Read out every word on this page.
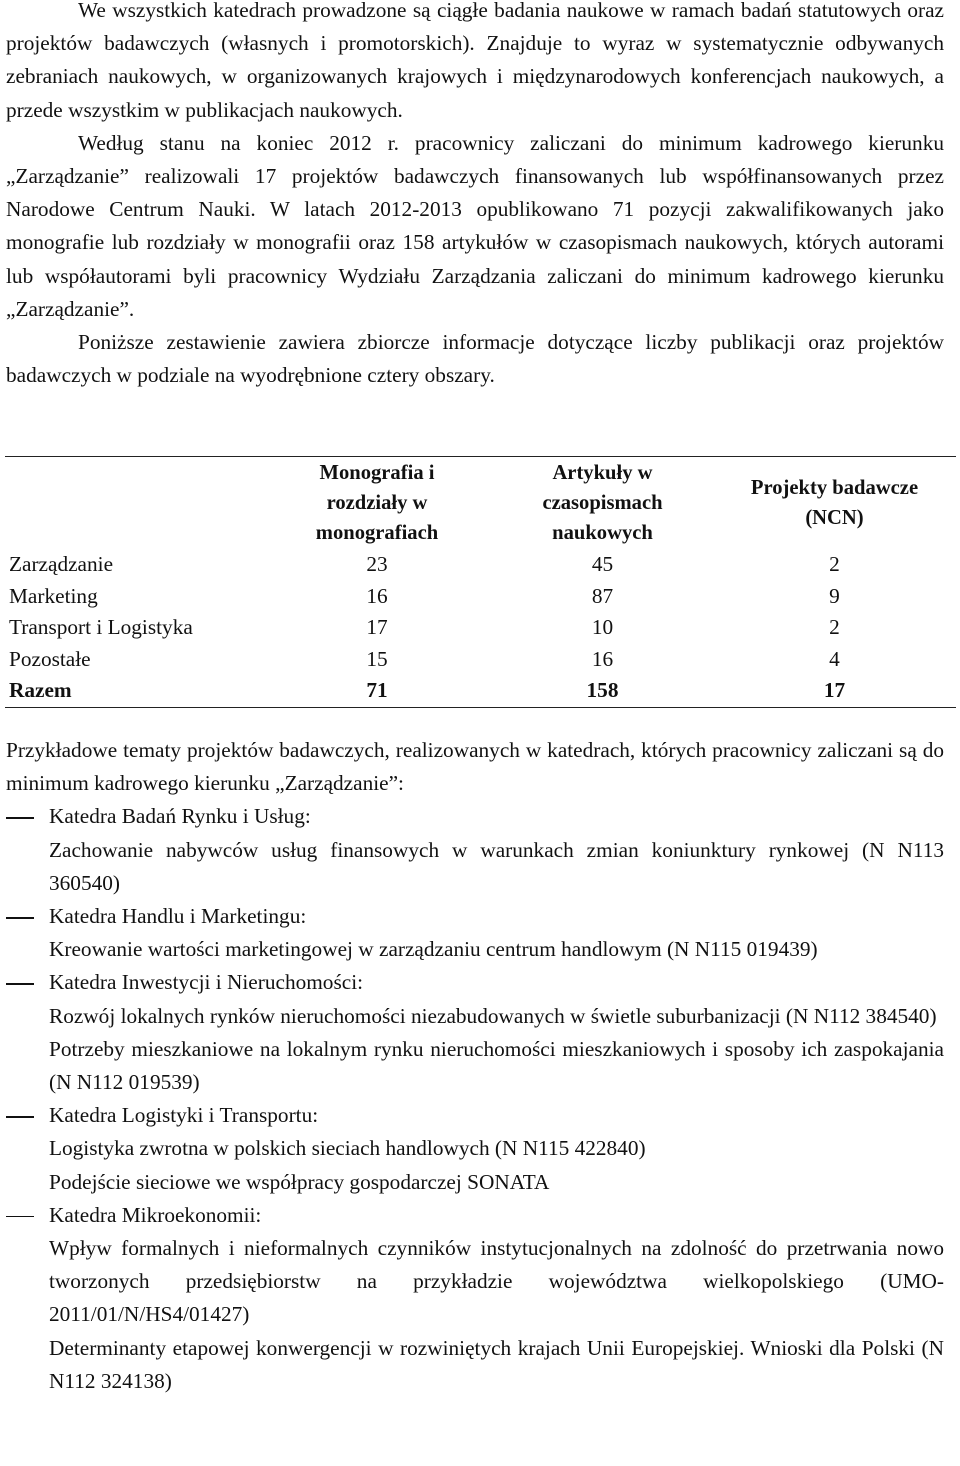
We wszystkich katedrach prowadzone są ciągłe badania naukowe w ramach badań statutowych oraz projektów badawczych (własnych i promotorskich). Znajduje to wyraz w systematycznie odbywanych zebraniach naukowych, w organizowanych krajowych i międzynarodowych konferencjach naukowych, a przede wszystkim w publikacjach naukowych.

Według stanu na koniec 2012 r. pracownicy zaliczani do minimum kadrowego kierunku „Zarządzanie” realizowali 17 projektów badawczych finansowanych lub współfinansowanych przez Narodowe Centrum Nauki. W latach 2012-2013 opublikowano 71 pozycji zakwalifikowanych jako monografie lub rozdziały w monografii oraz 158 artykułów w czasopismach naukowych, których autorami lub współautorami byli pracownicy Wydziału Zarządzania zaliczani do minimum kadrowego kierunku „Zarządzanie”.

Poniższe zestawienie zawiera zbiorcze informacje dotyczące liczby publikacji oraz projektów badawczych w podziale na wyodrębnione cztery obszary.

	Monografia i rozdziały w monografiach	Artykuły w czasopismach naukowych	Projekty badawcze (NCN)
Zarządzanie	23	45	2
Marketing	16	87	9
Transport i Logistyka	17	10	2
Pozostałe	15	16	4
Razem	71	158	17

Przykładowe tematy projektów badawczych, realizowanych w katedrach, których pracownicy zaliczani są do minimum kadrowego kierunku „Zarządzanie”:

Katedra Badań Rynku i Usług:
Zachowanie nabywców usług finansowych w warunkach zmian koniunktury rynkowej (N N113 360540)
Katedra Handlu i Marketingu:
Kreowanie wartości marketingowej w zarządzaniu centrum handlowym (N N115 019439)
Katedra Inwestycji i Nieruchomości:
Rozwój lokalnych rynków nieruchomości niezabudowanych w świetle suburbanizacji (N N112 384540)
Potrzeby mieszkaniowe na lokalnym rynku nieruchomości mieszkaniowych i sposoby ich zaspokajania (N N112 019539)
Katedra Logistyki i Transportu:
Logistyka zwrotna w polskich sieciach handlowych (N N115 422840)
Podejście sieciowe we współpracy gospodarczej SONATA
Katedra Mikroekonomii:
Wpływ formalnych i nieformalnych czynników instytucjonalnych na zdolność do przetrwania nowo tworzonych przedsiębiorstw na przykładzie województwa wielkopolskiego (UMO-2011/01/N/HS4/01427)
Determinanty etapowej konwergencji w rozwiniętych krajach Unii Europejskiej. Wnioski dla Polski (N N112 324138)
